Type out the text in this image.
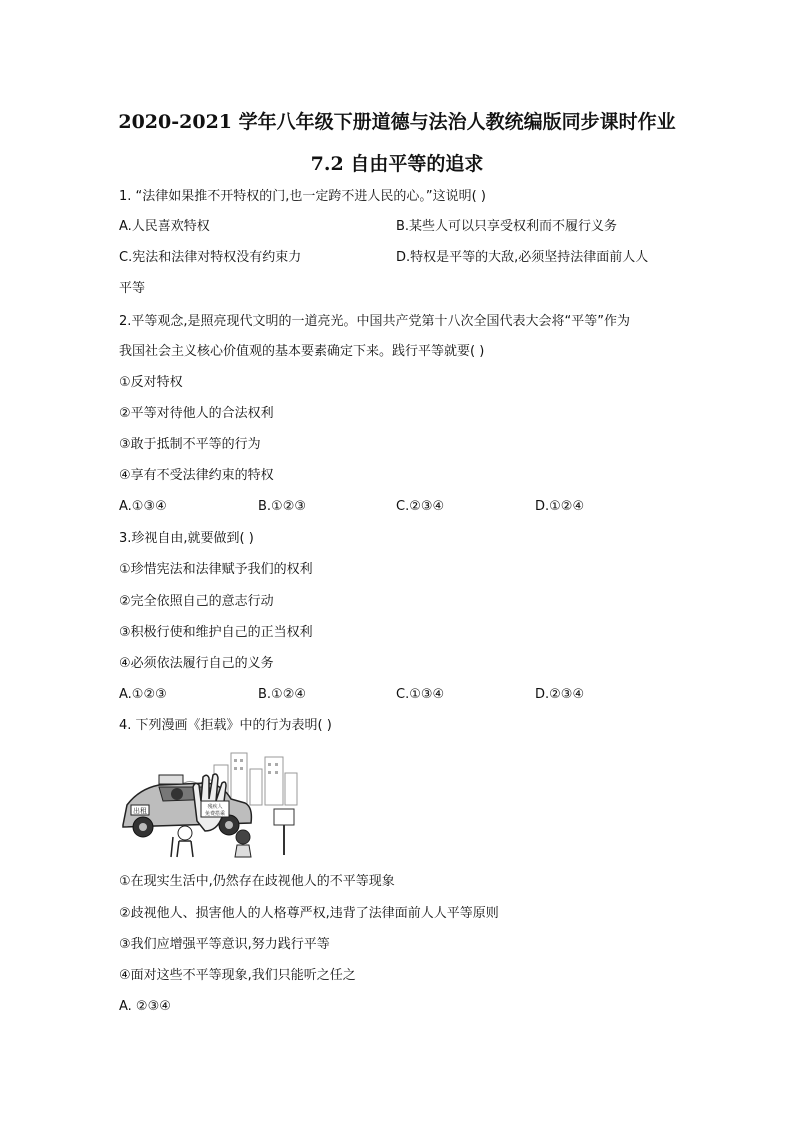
2020-2021 学年八年级下册道德与法治人教统编版同步课时作业
7.2 自由平等的追求
1. “法律如果推不开特权的门,也一定跨不进人民的心。”这说明( )
A.人民喜欢特权	B.某些人可以只享受权利而不履行义务
C.宪法和法律对特权没有约束力	D.特权是平等的大敌,必须坚持法律面前人人
平等
2.平等观念,是照亮现代文明的一道亮光。中国共产党第十八次全国代表大会将“平等”作为
我国社会主义核心价值观的基本要素确定下来。践行平等就要( )
①反对特权
②平等对待他人的合法权利
③敢于抵制不平等的行为
④享有不受法律约束的特权
A.①③④	B.①②③	C.②③④	D.①②④
3.珍视自由,就要做到( )
①珍惜宪法和法律赋予我们的权利
②完全依照自己的意志行动
③积极行使和维护自己的正当权利
④必须依法履行自己的义务
A.①②③	B.①②④	C.①③④	D.②③④
4. 下列漫画《拒载》中的行为表明( )
出租	残疾人
免费搭乘
①在现实生活中,仍然存在歧视他人的不平等现象
②歧视他人、损害他人的人格尊严权,违背了法律面前人人平等原则
③我们应增强平等意识,努力践行平等
④面对这些不平等现象,我们只能听之任之
A. ②③④
